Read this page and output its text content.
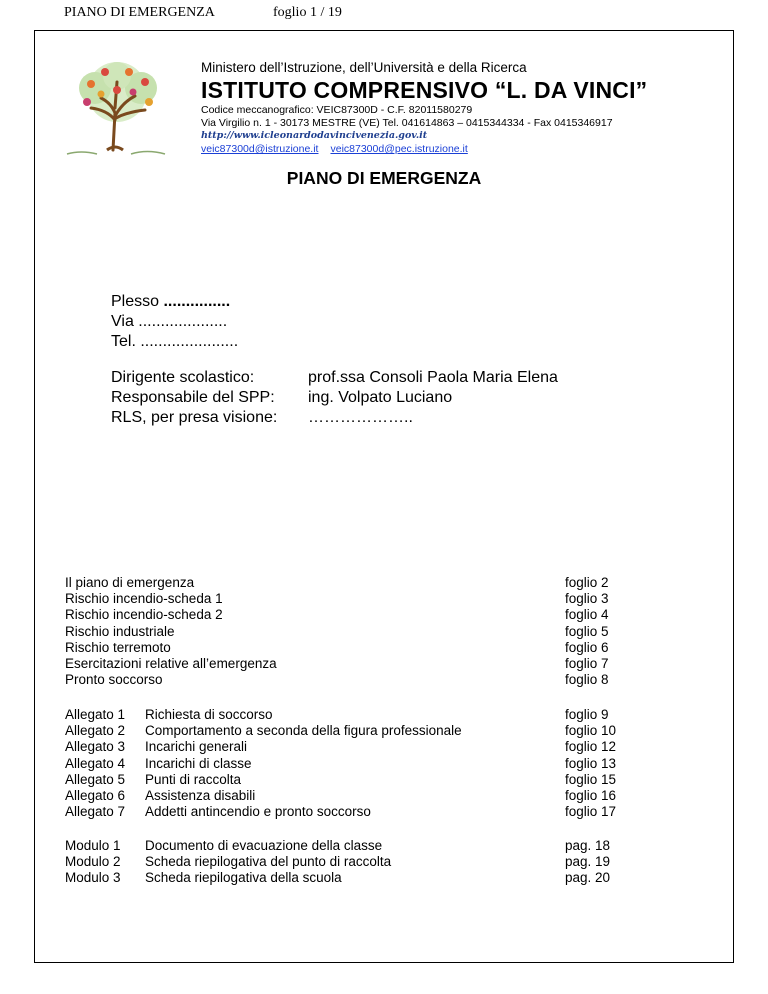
PIANO DI EMERGENZA	foglio 1 / 19
Ministero dell’Istruzione, dell’Università e della Ricerca
ISTITUTO COMPRENSIVO “L. DA VINCI”
Codice meccanografico: VEIC87300D - C.F. 82011580279
Via Virgilio n. 1 - 30173 MESTRE (VE) Tel. 041614863 – 0415344334 - Fax 0415346917
http://www.icleonardodavincivenezia.gov.it
veic87300d@istruzione.it veic87300d@pec.istruzione.it
PIANO DI EMERGENZA
Plesso ...............
Via ....................
Tel. ......................
Dirigente scolastico:	prof.ssa Consoli Paola Maria Elena
Responsabile del SPP:	ing. Volpato Luciano
RLS, per presa visione:	………………..
Il piano di emergenza	foglio 2
Rischio incendio-scheda 1	foglio 3
Rischio incendio-scheda 2	foglio 4
Rischio industriale	foglio 5
Rischio terremoto	foglio 6
Esercitazioni relative all’emergenza	foglio 7
Pronto soccorso	foglio 8
Allegato 1	Richiesta di soccorso	foglio 9
Allegato 2	Comportamento a seconda della figura professionale	foglio 10
Allegato 3	Incarichi generali	foglio 12
Allegato 4	Incarichi di classe	foglio 13
Allegato 5	Punti di raccolta	foglio 15
Allegato 6	Assistenza disabili	foglio 16
Allegato 7	Addetti antincendio e pronto soccorso	foglio 17
Modulo 1	Documento di evacuazione della classe	pag. 18
Modulo 2	Scheda riepilogativa del punto di raccolta	pag. 19
Modulo 3	Scheda riepilogativa della scuola	pag. 20
